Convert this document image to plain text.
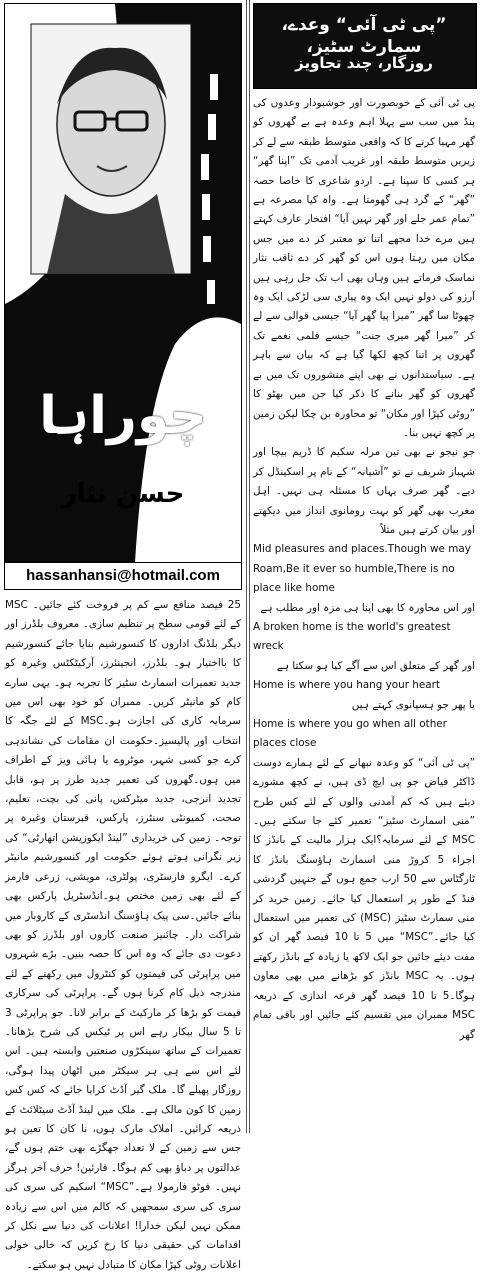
”پی ٹی آئی“ وعدے، سمارٹ سٹیز،
روزگار، چند تجاویز
چوراہا
حسن نثار
hassanhansi@hotmail.com

پی ٹی آئی کے خوبصورت اور خوشبودار وعدوں کی پنڈ میں سب سے پہلا اہم وعدہ ہے بے گھروں کو گھر مہیا کرنے کا کہ واقعی متوسط طبقہ سے لے کر زیریں متوسط طبقہ اور غریب آدمی تک ”اپنا گھر“ ہر کسی کا سپنا ہے۔ اردو شاعری کا خاصا حصہ ”گھر“ کے گرد ہی گھومتا ہے۔ واہ کیا مصرعہ ہے ”تمام عمر جلے اور گھر نہیں آیا“ افتخار عارف کہتے ہیں مرے خدا مجھے اتنا تو معتبر کر دے میں جس مکان میں رہتا ہوں اس کو گھر کر دے ثاقب نثار نماسک فرماتے ہیں وہاں بھی اب تک جل رہی ہیں آرزو کی دولو نہیں ایک وہ پیاری سی لڑکی ایک وہ چھوٹا سا گھر ”میرا پیا گھر آیا“ جیسی قوالی سے لے کر ”میرا گھر میری جنت“ جیسے فلمی نغمے تک گھروں پر اتنا کچھ لکھا گیا ہے کہ بیان سے باہر ہے۔ سیاستدانوں نے بھی اپنے منشوروں تک میں بے گھروں کو گھر بنانے کا ذکر کیا جن میں بھٹو کا ”روٹی کپڑا اور مکان“ تو محاورہ بن چکا لیکن زمین پر کچھ نہیں بنا۔

جو نیجو نے بھی تین مرلہ سکیم کا ڈریم بیچا اور شہباز شریف نے تو ”آشیانہ“ کے نام پر اسکینڈل کر دیے۔ گھر صرف یہاں کا مسئلہ ہی نہیں۔ اہل مغرب بھی گھر کو بہت رومانوی انداز میں دیکھتے اور بیان کرتے ہیں مثلاً

Mid pleasures and places.Though we may Roam,Be it ever so humble,There is no place like home

اور اس محاورہ کا بھی اپنا ہی مزہ اور مطلب ہے

A broken home is the world's greatest wreck

اور گھر کے متعلق اس سے آگے کیا ہو سکتا ہے

Home is where you hang your heart

یا پھر جو ہسپانوی کہتے ہیں

Home is where you go when all other places close

”پی ٹی آئی“ کو وعدہ نبھانے کے لئے ہمارے دوست ڈاکٹر فیاض جو پی ایچ ڈی ہیں، نے کچھ مشورے دیئے ہیں کہ کم آمدنی والوں کے لئے کس طرح ”منی اسمارٹ سٹیز“ تعمیر کئے جا سکتے ہیں۔MSC کے لئے سرمایہ؟ایک ہزار مالیت کے بانڈز کا اجراء 5 کروڑ منی اسمارٹ ہاؤسنگ بانڈز کا ٹارگٹاس سے 50 ارب جمع ہوں گے جنہیں گردشی فنڈ کے طور پر استعمال کیا جائے۔ زمین خرید کر منی سمارٹ سٹیز (MSC) کی تعمیر میں استعمال کیا جائے۔”MSC“ میں 5 تا 10 فیصد گھر ان کو مفت دیئے جائیں جو ایک لاکھ یا زیادہ کے بانڈز رکھتے ہوں۔ یہ MSC بانڈز کو بڑھانے میں بھی معاون ہوگا۔5 تا 10 فیصد گھر قرعہ اندازی کے ذریعہ MSC ممبران میں تقسیم کئے جائیں اور باقی تمام گھر

25 فیصد منافع سے کم پر فروخت کئے جائیں۔ MSC کے لئے قومی سطح پر تنظیم سازی۔ معروف بلڈرز اور دیگر بلڈنگ اداروں کا کنسورشیم بنایا جائے کنسورشیم کا بااختیار ہو۔ بلڈرز، انجینئرز، آرکیٹکٹس وغیرہ کو جدید تعمیرات اسمارٹ سٹیز کا تجربہ ہو۔ یہی سارے کام کو مانیٹر کریں۔ ممبران کو خود بھی اس میں سرمایہ کاری کی اجازت ہو۔MSC کے لئے جگہ کا انتخاب اور پالیسیز۔حکومت ان مقامات کی نشاندہی کرے جو کسی شہر، موٹروے یا ہائی ویز کے اطراف میں ہوں۔گھروں کی تعمیر جدید طرز پر ہو، قابل تجدید انرجی، جدید میٹرکس، پانی کی بچت، تعلیم، صحت، کمیونٹی سنٹرز، پارکس، قبرستان وغیرہ پر توجہ۔ زمین کی خریداری ”لینڈ ایکوزیشن اتھارٹی“ کی زیر نگرانی ہوتے ہوئے حکومت اور کنسورشیم مانیٹر کرے۔ ایگرو فارسٹری، پولٹری، مویشی، زرعی فارمز کے لئے بھی زمین مختص ہو۔انڈسٹریل پارکس بھی بنائے جائیں۔سی پیک ہاؤسنگ انڈسٹری کے کاروبار میں شراکت دار۔ چائنیز صنعت کاروں اور بلڈرز کو بھی دعوت دی جائے کہ وہ اس کا حصہ بنیں۔ بڑے شہروں میں پراپرٹی کی قیمتوں کو کنٹرول میں رکھنے کے لئے مندرجہ ذیل کام کرنا ہوں گے۔ پراپرٹی کی سرکاری قیمت کو بڑھا کر مارکیٹ کے برابر لانا۔ جو پراپرٹی 3 تا 5 سال بیکار رہے اس پر ٹیکس کی شرح بڑھانا۔تعمیرات کے ساتھ سینکڑوں صنعتیں وابستہ ہیں۔ اس لئے اس سے ہی ہر سیکٹر میں اٹھان پیدا ہوگی، روزگار پھیلے گا۔ ملک گیر آڈٹ کرایا جائے کہ کس کس زمین کا کون مالک ہے۔ ملک میں لینڈ آڈٹ سیٹلائٹ کے ذریعہ کرائیں۔ املاک مارک ہوں، نا کان کا تعین ہو جس سے زمین کے لا تعداد جھگڑے بھی ختم ہوں گے، عدالتوں پر دباؤ بھی کم ہوگا۔ قارئین! حرف آخر ہرگز نہیں۔ فوٹو فارمولا ہے۔”MSC“ اسکیم کی سری کی سری کی سری سمجھیں کہ کالم میں اس سے زیادہ ممکن نہیں لیکن خدارا! اعلانات کی دنیا سے نکل کر اقدامات کی حقیقی دنیا کا رخ کریں کہ خالی خولی اعلانات روٹی کپڑا مکان کا متبادل نہیں ہو سکتے۔
